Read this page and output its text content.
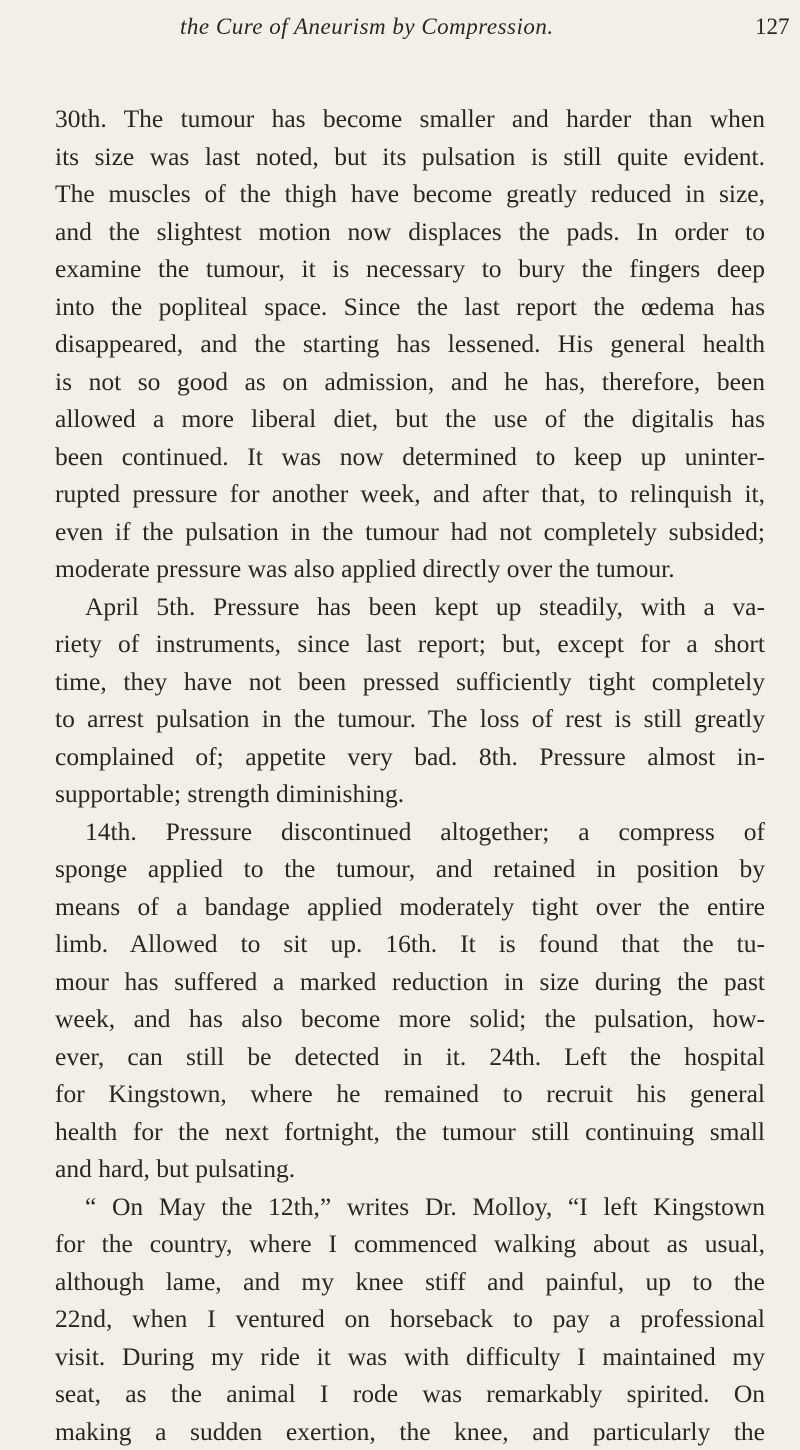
the Cure of Aneurism by Compression.	127
30th. The tumour has become smaller and harder than when
its size was last noted, but its pulsation is still quite evident.
The muscles of the thigh have become greatly reduced in size,
and the slightest motion now displaces the pads. In order to
examine the tumour, it is necessary to bury the fingers deep
into the popliteal space. Since the last report the œdema has
disappeared, and the starting has lessened. His general health
is not so good as on admission, and he has, therefore, been
allowed a more liberal diet, but the use of the digitalis has
been continued. It was now determined to keep up uninter-
rupted pressure for another week, and after that, to relinquish it,
even if the pulsation in the tumour had not completely subsided;
moderate pressure was also applied directly over the tumour.
April 5th. Pressure has been kept up steadily, with a va-
riety of instruments, since last report; but, except for a short
time, they have not been pressed sufficiently tight completely
to arrest pulsation in the tumour. The loss of rest is still greatly
complained of; appetite very bad. 8th. Pressure almost in-
supportable; strength diminishing.
14th. Pressure discontinued altogether; a compress of
sponge applied to the tumour, and retained in position by
means of a bandage applied moderately tight over the entire
limb. Allowed to sit up. 16th. It is found that the tu-
mour has suffered a marked reduction in size during the past
week, and has also become more solid; the pulsation, how-
ever, can still be detected in it. 24th. Left the hospital
for Kingstown, where he remained to recruit his general
health for the next fortnight, the tumour still continuing small
and hard, but pulsating.
“ On May the 12th,” writes Dr. Molloy, “I left Kingstown
for the country, where I commenced walking about as usual,
although lame, and my knee stiff and painful, up to the
22nd, when I ventured on horseback to pay a professional
visit. During my ride it was with difficulty I maintained my
seat, as the animal I rode was remarkably spirited. On
making a sudden exertion, the knee, and particularly the
